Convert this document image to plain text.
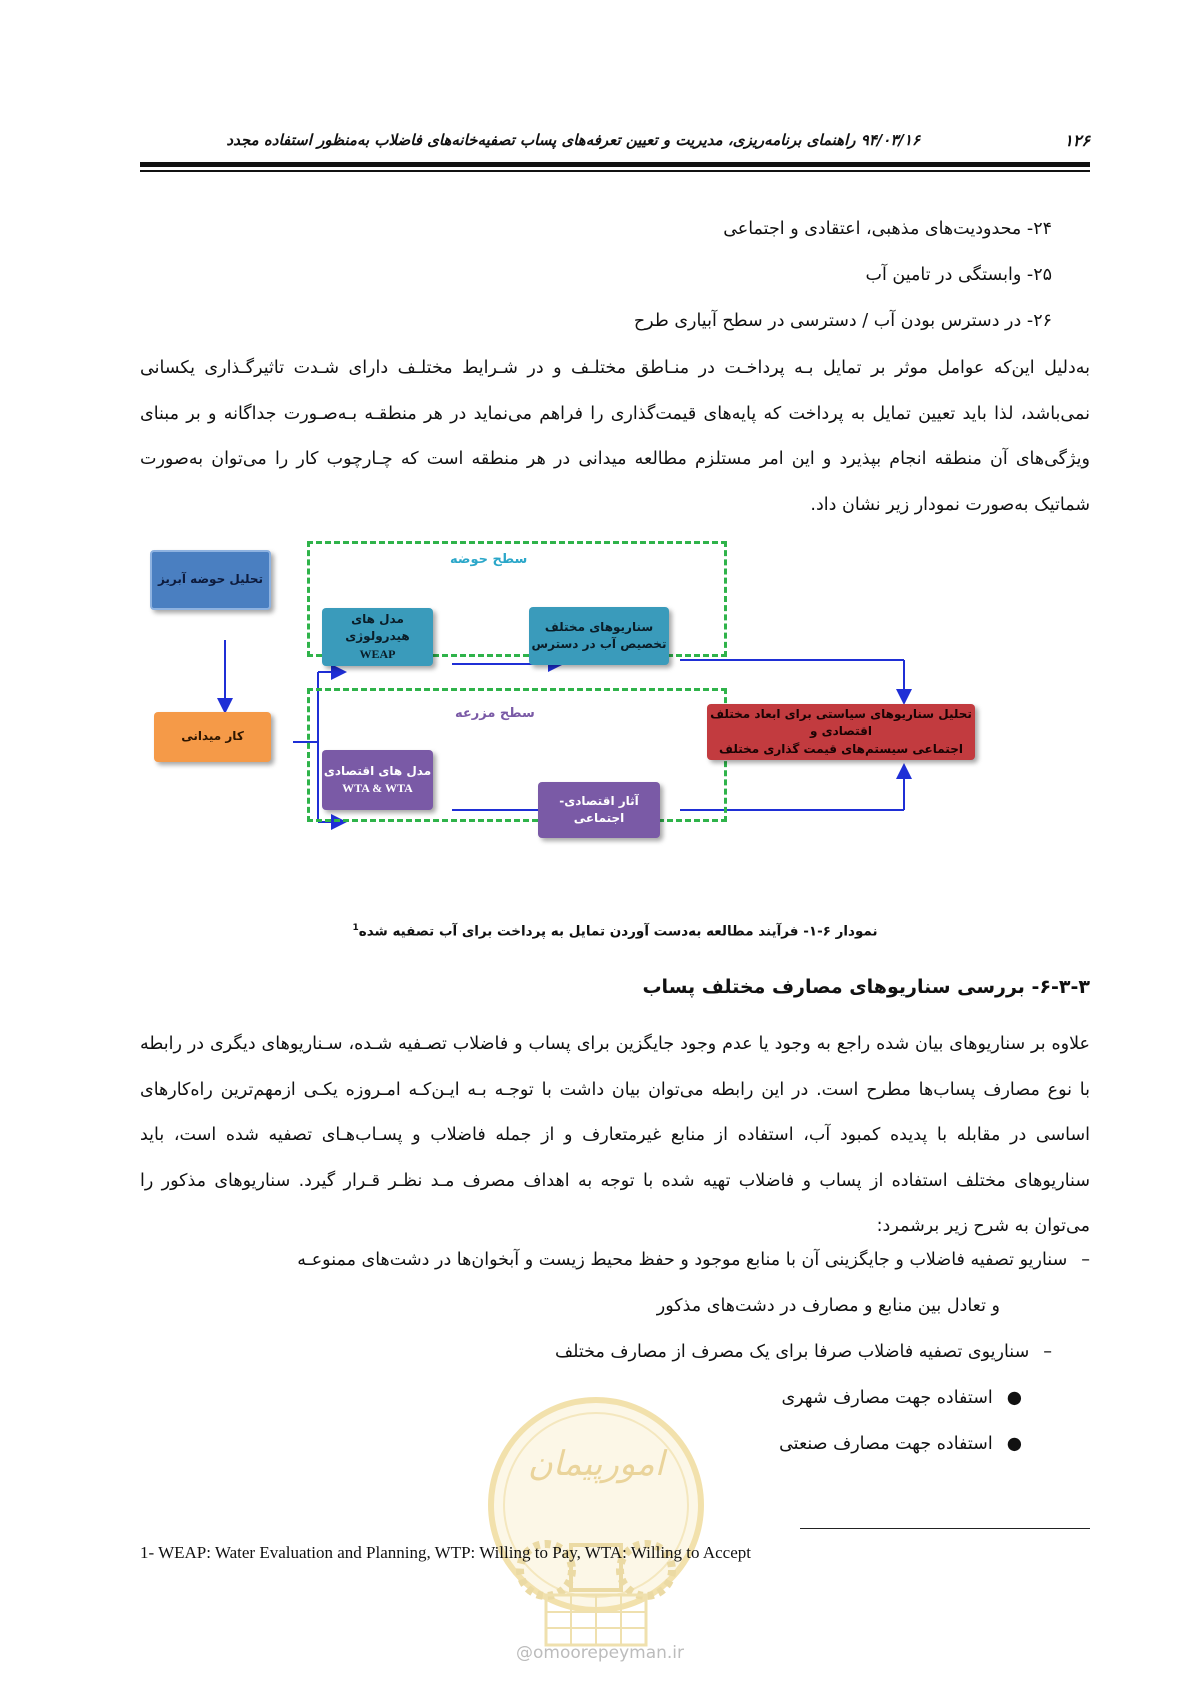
۱۲۶
۹۴/۰۳/۱۶ راهنمای برنامه‌ریزی، مدیریت و تعیین تعرفه‌های پساب تصفیه‌خانه‌های فاضلاب به‌منظور استفاده مجدد
۲۴- محدودیت‌های مذهبی، اعتقادی و اجتماعی
۲۵- وابستگی در تامین آب
۲۶- در دسترس بودن آب / دسترسی در سطح آبیاری طرح
به‌دلیل این‌که عوامل موثر بر تمایل بـه پرداخـت در منـاطق مختلـف و در شـرایط مختلـف دارای شـدت تاثیرگـذاری یکسانی نمی‌باشد، لذا باید تعیین تمایل به پرداخت که پایه‌های قیمت‌گذاری را فراهم می‌نماید در هر منطقـه بـه‌صـورت جداگانه و بر مبنای ویژگی‌های آن منطقه انجام بپذیرد و این امر مستلزم مطالعه میدانی در هر منطقه است که چـارچوب کار را می‌توان به‌صورت شماتیک به‌صورت نمودار زیر نشان داد.
سطح حوضه
سطح مزرعه
تحلیل حوضه آبریز
کار میدانی
مدل های هیدرولوژی
WEAP
سناریوهای مختلف
تخصیص آب در دسترس
مدل های اقتصادی
WTA & WTA
آثار اقتصادی-اجتماعی
تحلیل سناریوهای سیاستی برای ابعاد مختلف اقتصادی و
اجتماعی سیستم‌های قیمت گذاری مختلف
نمودار ۶-۱- فرآیند مطالعه به‌دست آوردن تمایل به پرداخت برای آب تصفیه شده$^1$
۶-۳-۳- بررسی سناریوهای مصارف مختلف پساب
علاوه بر سناریوهای بیان شده راجع به وجود یا عدم وجود جایگزین برای پساب و فاضلاب تصـفیه شـده، سـناریوهای دیگری در رابطه با نوع مصارف پساب‌ها مطرح است. در این رابطه می‌توان بیان داشت با توجـه بـه ایـن‌کـه امـروزه یکـی ازمهم‌ترین راه‌کارهای اساسی در مقابله با پدیده کمبود آب، استفاده از منابع غیرمتعارف و از جمله فاضلاب و پسـاب‌هـای تصفیه شده است، باید سناریوهای مختلف استفاده از پساب و فاضلاب تهیه شده با توجه به اهداف مصرف مـد نظـر قـرار گیرد. سناریوهای مذکور را می‌توان به شرح زیر برشمرد:
–سناریو تصفیه فاضلاب و جایگزینی آن با منابع موجود و حفظ محیط زیست و آبخوان‌ها در دشت‌های ممنوعـه
و تعادل بین منابع و مصارف در دشت‌های مذکور
–سناریوی تصفیه فاضلاب صرفا برای یک مصرف از مصارف مختلف
●استفاده جهت مصارف شهری
●استفاده جهت مصارف صنعتی
امورپیمان
1- WEAP: Water Evaluation and Planning, WTP: Willing to Pay, WTA: Willing to Accept
@omoorepeyman.ir
